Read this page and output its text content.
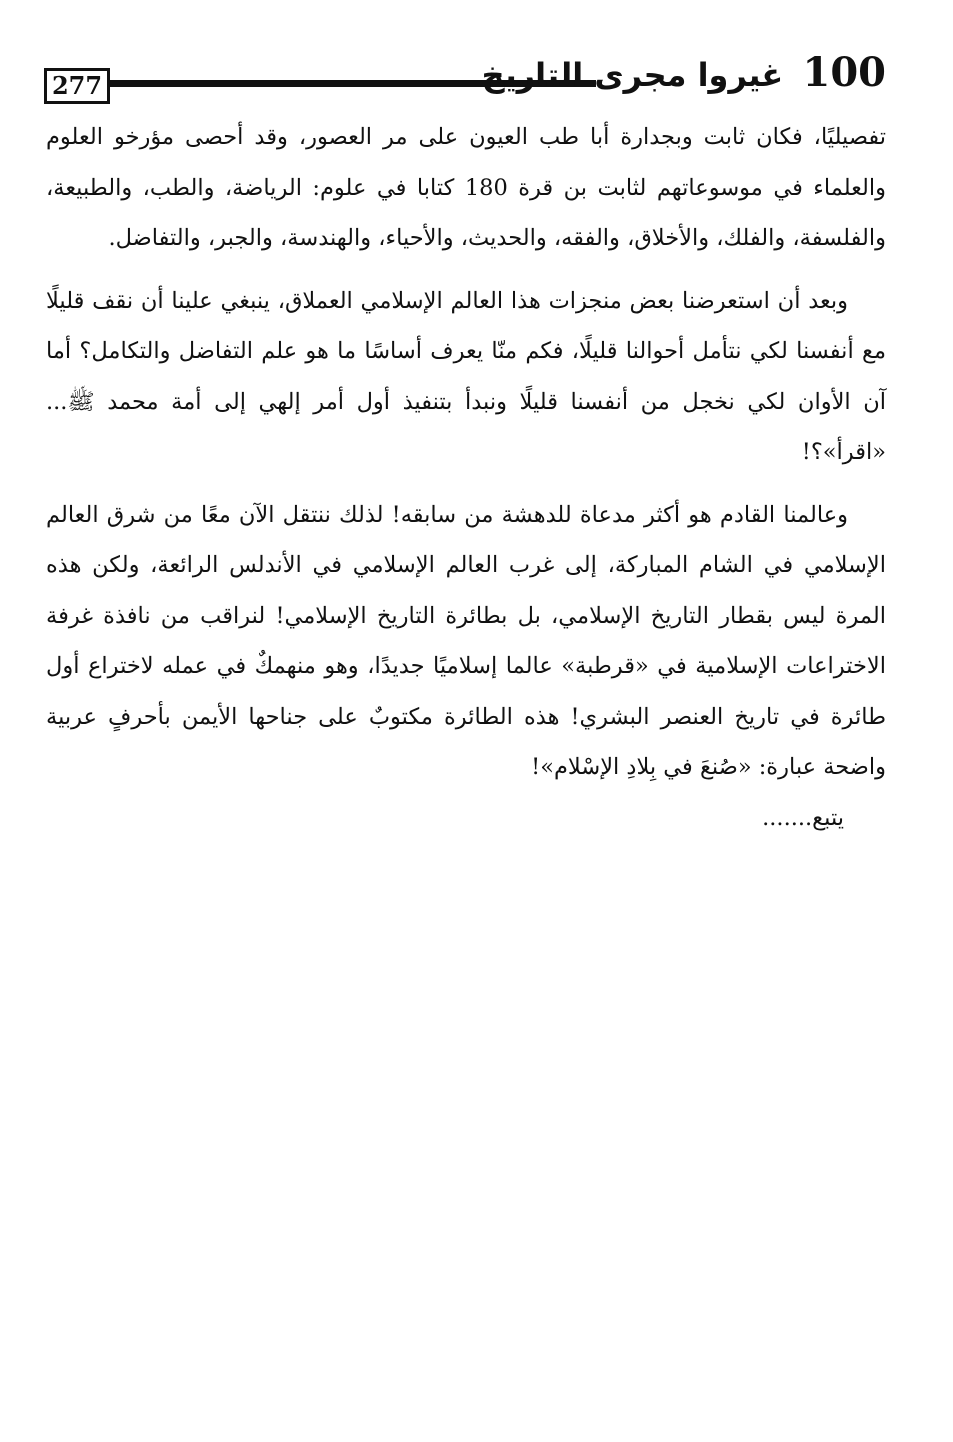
277	100 غيروا مجرى التاريخ

تفصيليًا، فكان ثابت وبجدارة أبا طب العيون على مر العصور، وقد أحصى مؤرخو العلوم والعلماء في موسوعاتهم لثابت بن قرة 180 كتابا في علوم: الرياضة، والطب، والطبيعة، والفلسفة، والفلك، والأخلاق، والفقه، والحديث، والأحياء، والهندسة، والجبر، والتفاضل.

وبعد أن استعرضنا بعض منجزات هذا العالم الإسلامي العملاق، ينبغي علينا أن نقف قليلًا مع أنفسنا لكي نتأمل أحوالنا قليلًا، فكم منّا يعرف أساسًا ما هو علم التفاضل والتكامل؟ أما آن الأوان لكي نخجل من أنفسنا قليلًا ونبدأ بتنفيذ أول أمر إلهي إلى أمة محمد ﷺ... «اقرأ»؟!

وعالمنا القادم هو أكثر مدعاة للدهشة من سابقه! لذلك ننتقل الآن معًا من شرق العالم الإسلامي في الشام المباركة، إلى غرب العالم الإسلامي في الأندلس الرائعة، ولكن هذه المرة ليس بقطار التاريخ الإسلامي، بل بطائرة التاريخ الإسلامي! لنراقب من نافذة غرفة الاختراعات الإسلامية في «قرطبة» عالما إسلاميًا جديدًا، وهو منهمكٌ في عمله لاختراع أول طائرة في تاريخ العنصر البشري! هذه الطائرة مكتوبٌ على جناحها الأيمن بأحرفٍ عربية واضحة عبارة: «صُنعَ في بِلادِ الإسْلام»!

يتبع.......
